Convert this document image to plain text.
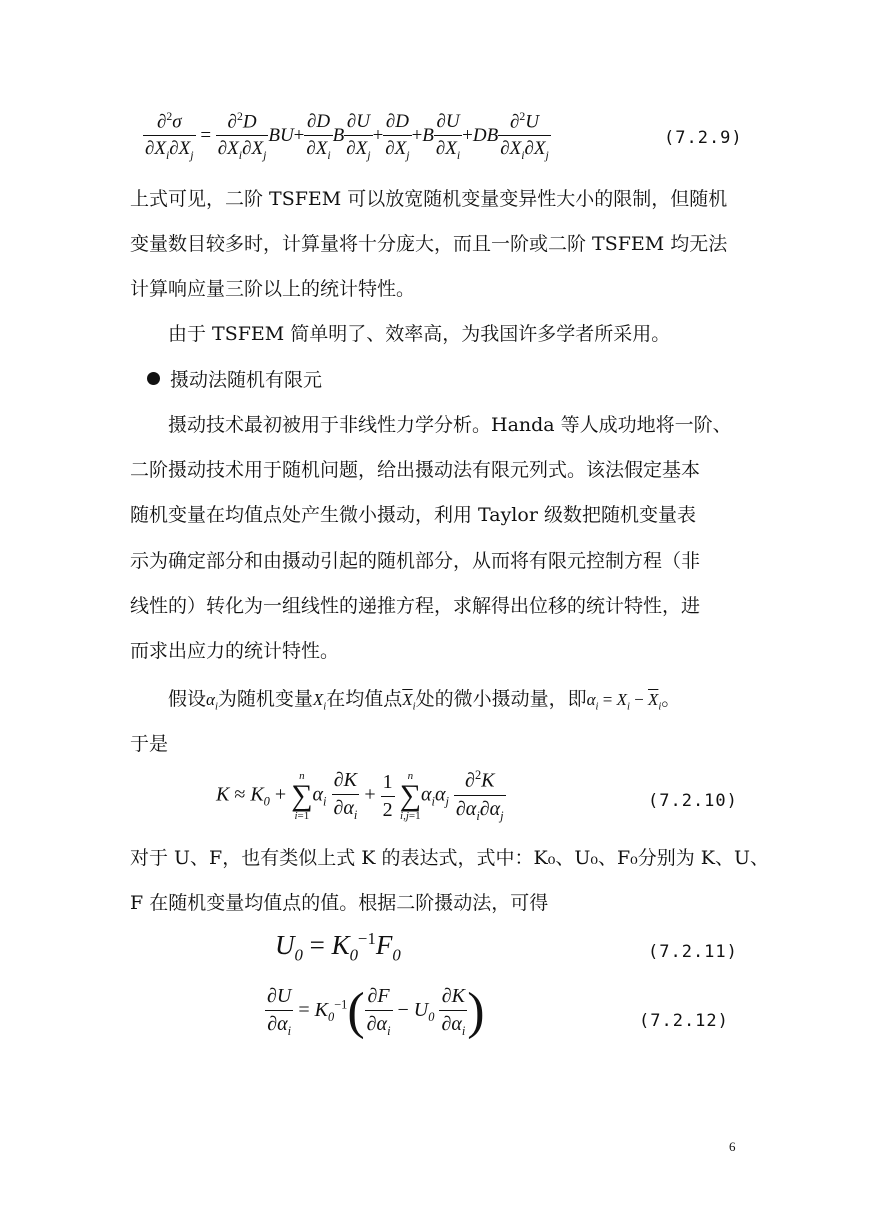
$\frac{\partial^2\sigma}{\partial X_i\partial X_j} = \frac{\partial^2D}{\partial X_i\partial X_j} BU+ \frac{\partial D}{\partial X_i}$ B $\frac{\partial U}{\partial X_j} + \frac{\partial D}{\partial X_j} +B \frac{\partial U}{\partial X_i} +DB \frac{\partial^2U}{\partial X_i\partial X_j}$	(7.2.9)
上式可见，二阶 TSFEM 可以放宽随机变量变异性大小的限制，但随机
变量数目较多时，计算量将十分庞大，而且一阶或二阶 TSFEM 均无法
计算响应量三阶以上的统计特性。
由于 TSFEM 简单明了、效率高，为我国许多学者所采用。
摄动法随机有限元
摄动技术最初被用于非线性力学分析。Handa 等人成功地将一阶、
二阶摄动技术用于随机问题，给出摄动法有限元列式。该法假定基本
随机变量在均值点处产生微小摄动，利用 Taylor 级数把随机变量表
示为确定部分和由摄动引起的随机部分，从而将有限元控制方程（非
线性的）转化为一组线性的递推方程，求解得出位移的统计特性，进
而求出应力的统计特性。
假设$\alpha_i$为随机变量$X_i$在均值点$\overline{X}_i$处的微小摄动量，即$\alpha_i = X_i - \overline{X}_i$。
于是
$K \approx K_0$ +
n
∑
i=1
$\alpha_i \frac{\partial K}{\partial\alpha_i} + \frac{1}{2}$
	n
∑
i,j=1
$\alpha_i\alpha_j \frac{\partial^2K}{\partial\alpha_i\partial\alpha_j}$	(7.2.10)
对于 U、F，也有类似上式 K 的表达式，式中：K₀、U₀、F₀分别为 K、U、
F 在随机变量均值点的值。根据二阶摄动法，可得
$U_0 = K_0^{-1}F_0$	(7.2.11)
$\frac{\partial U}{\partial\alpha_i} = K_0^{-1}( \frac{\partial F}{\partial\alpha_i} - U_0 \frac{\partial K}{\partial\alpha_i}$ )	(7.2.12)
6
